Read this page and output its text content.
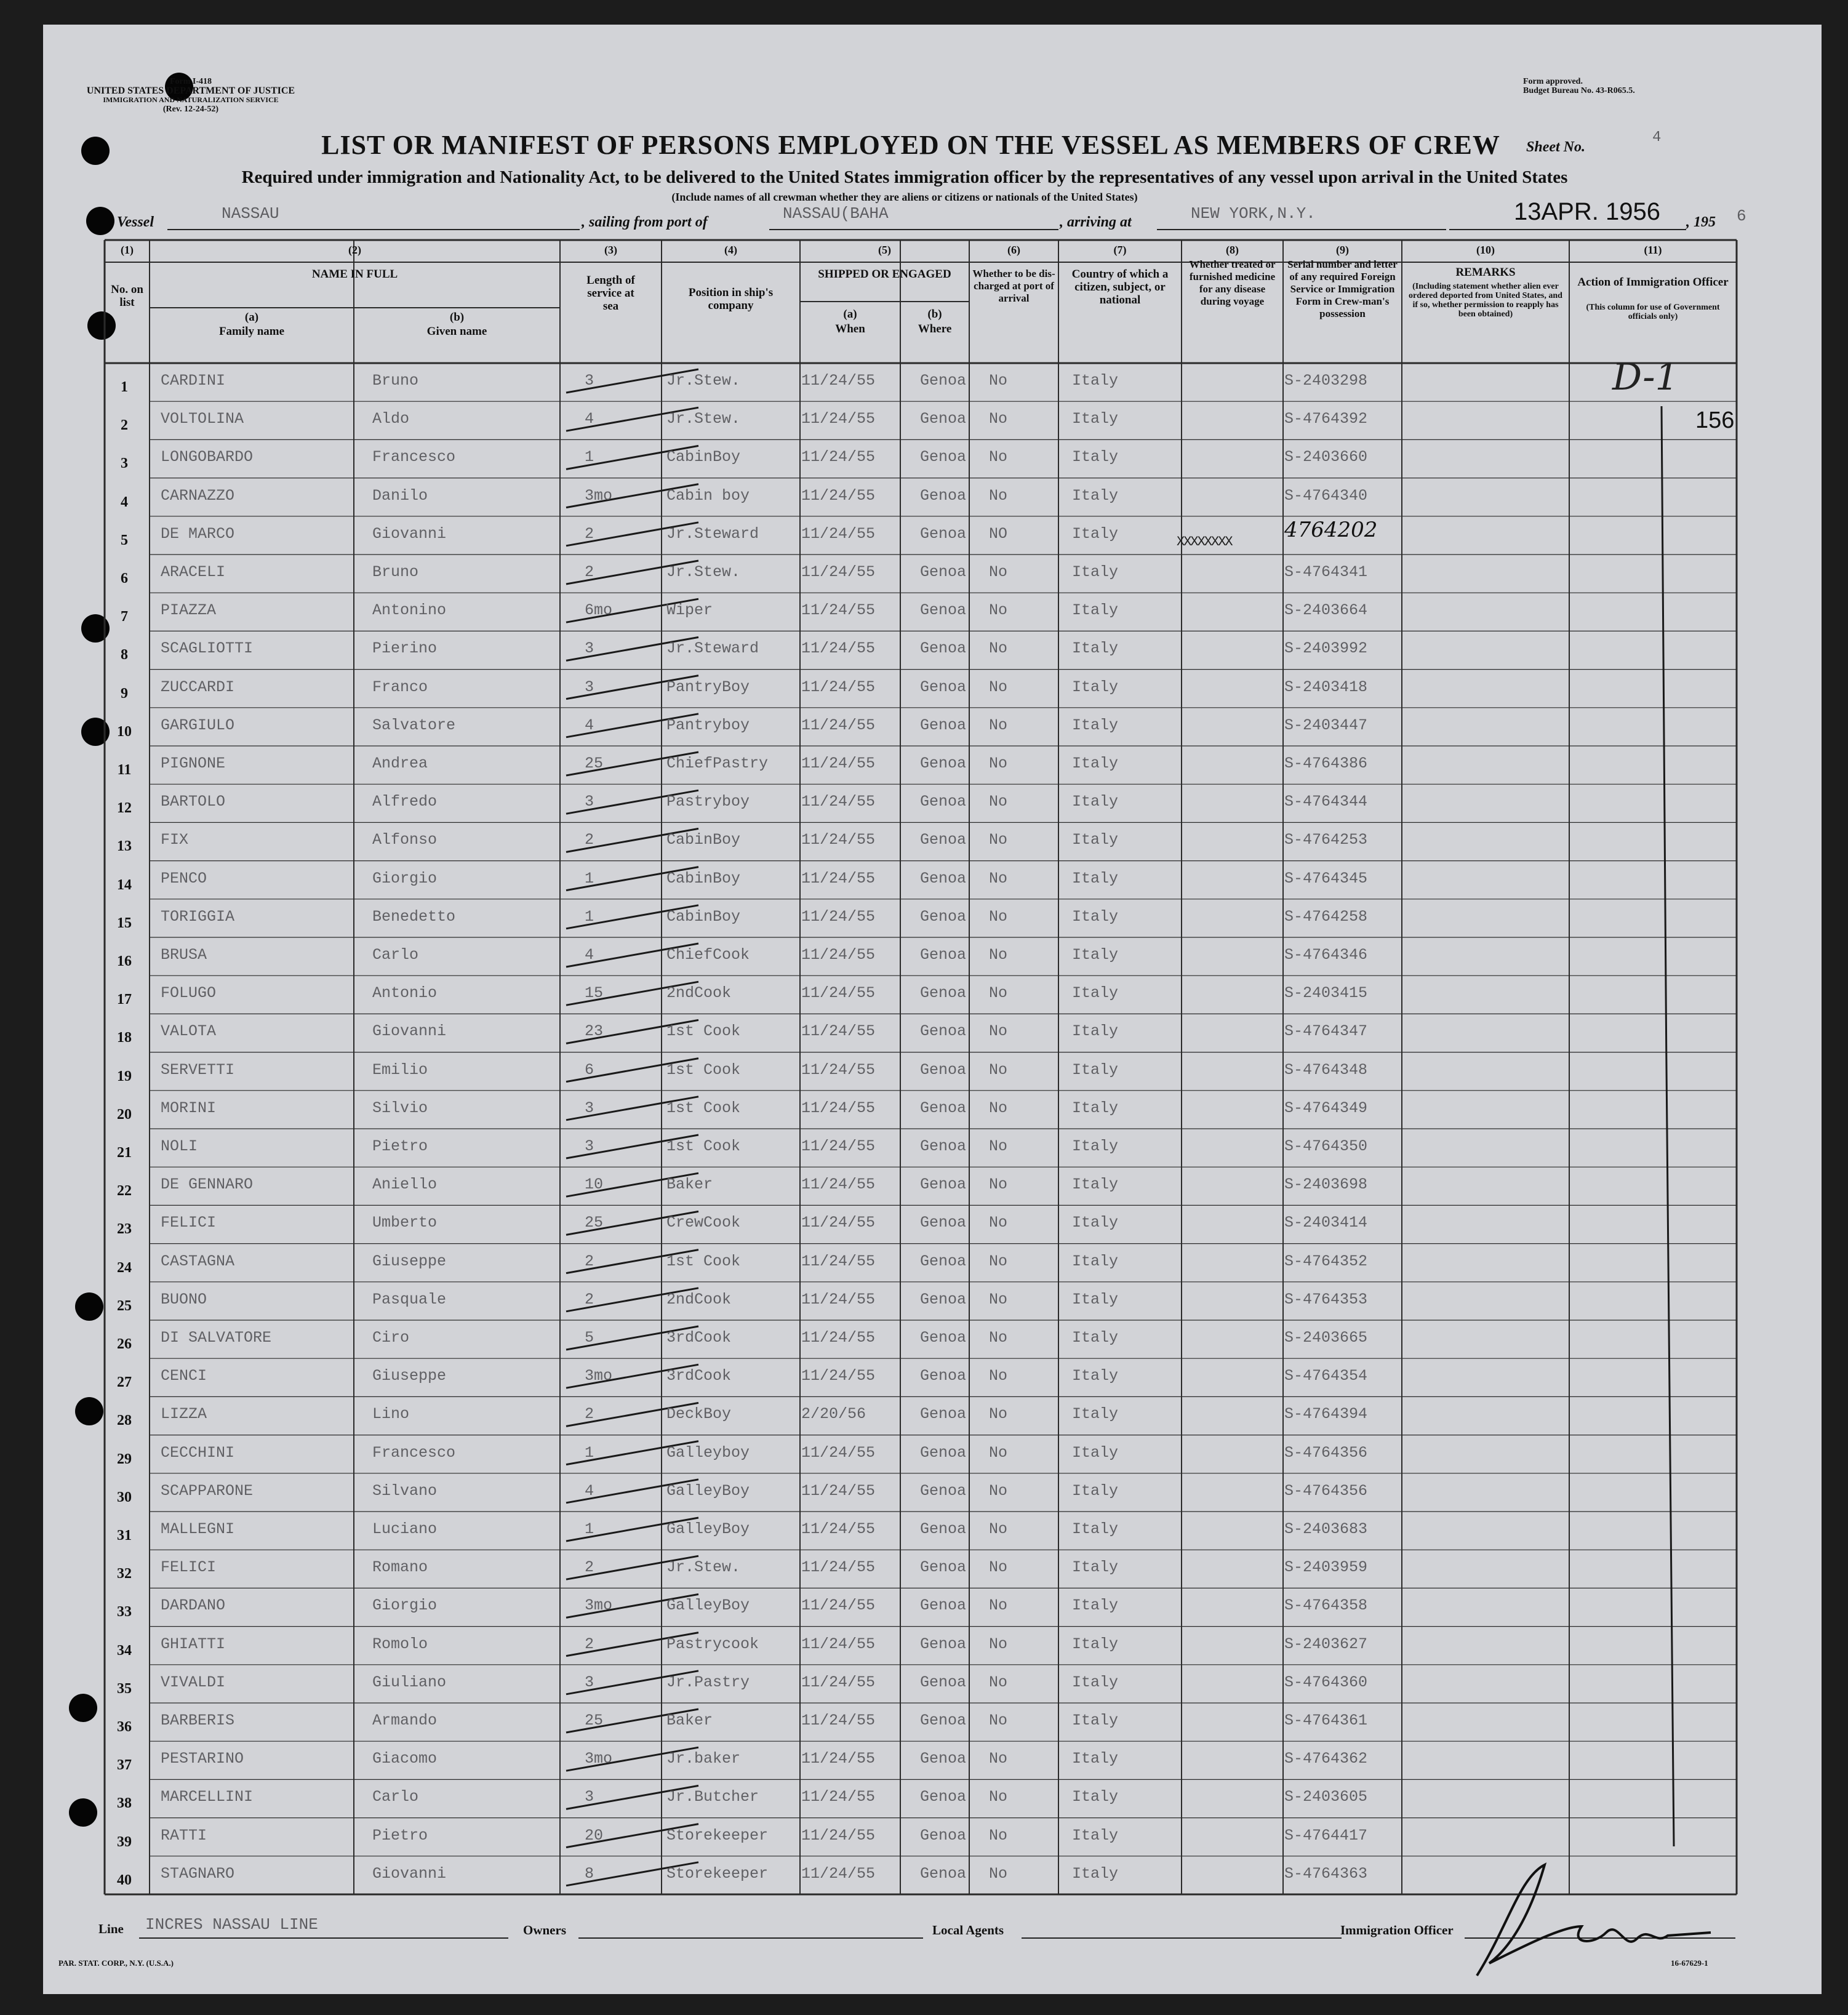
Form I-418
UNITED STATES DEPARTMENT OF JUSTICE
IMMIGRATION AND NATURALIZATION SERVICE
(Rev. 12-24-52)
Form approved.
Budget Bureau No. 43-R065.5.
LIST OR MANIFEST OF PERSONS EMPLOYED ON THE VESSEL AS MEMBERS OF CREW	Sheet No.
4
Required under immigration and Nationality Act, to be delivered to the United States immigration officer by the representatives of any vessel upon arrival in the United States
(Include names of all crewman whether they are aliens or citizens or nationals of the United States)
Vessel	NASSAU	, sailing from port of	NASSAU(BAHA	, arriving at	NEW YORK,N.Y.	13APR. 1956 , 195 6
(1)	(2)	(3)	(4)	(5)	(6)	(7)	(8)	(9)	(10)	(11)
No. on list
NAME IN FULL
(a)
Family name
(b)
Given name
Length of service at sea
Position in ship's company
SHIPPED OR ENGAGED
(a)
When
(b)
Where
Whether to be dis-charged at port of arrival
Country of which a citizen, subject, or national
Whether treated or furnished medicine for any disease during voyage
Serial number and letter of any required Foreign Service or Immigration Form in Crew-man's possession
REMARKS
(Including statement whether alien ever ordered deported from United States, and if so, whether permission to reapply has been obtained)
Action of Immigration Officer
(This column for use of Government officials only)
1	CARDINI	Bruno	3	Jr.Stew.	11/24/55	Genoa No	Italy	S-2403298
2	VOLTOLINA	Aldo	4	Jr.Stew.	11/24/55	Genoa No	Italy	S-4764392
3	LONGOBARDO	Francesco	1	CabinBoy	11/24/55	Genoa No	Italy	S-2403660
4	CARNAZZO	Danilo	3mo	Cabin boy	11/24/55	Genoa No	Italy	S-4764340
5	DE MARCO	Giovanni	2	Jr.Steward	11/24/55	Genoa NO	Italy	4764202
6	ARACELI	Bruno	2	Jr.Stew.	11/24/55	Genoa No	Italy	S-4764341
7	PIAZZA	Antonino	6mo	Wiper	11/24/55	Genoa No	Italy	S-2403664
8	SCAGLIOTTI	Pierino	3	Jr.Steward	11/24/55	Genoa No	Italy	S-2403992
9	ZUCCARDI	Franco	3	PantryBoy	11/24/55	Genoa No	Italy	S-2403418
10	GARGIULO	Salvatore	4	Pantryboy	11/24/55	Genoa No	Italy	S-2403447
11	PIGNONE	Andrea	25	ChiefPastry 11/24/55	Genoa No	Italy	S-4764386
12	BARTOLO	Alfredo	3	Pastryboy	11/24/55	Genoa No	Italy	S-4764344
13	FIX	Alfonso	2	CabinBoy	11/24/55	Genoa No	Italy	S-4764253
14	PENCO	Giorgio	1	CabinBoy	11/24/55	Genoa No	Italy	S-4764345
15	TORIGGIA	Benedetto	1	CabinBoy	11/24/55	Genoa No	Italy	S-4764258
16	BRUSA	Carlo	4	ChiefCook	11/24/55	Genoa No	Italy	S-4764346
17	FOLUGO	Antonio	15	2ndCook	11/24/55	Genoa No	Italy	S-2403415
18	VALOTA	Giovanni	23	1st Cook	11/24/55	Genoa No	Italy	S-4764347
19	SERVETTI	Emilio	6	1st Cook	11/24/55	Genoa No	Italy	S-4764348
20	MORINI	Silvio	3	1st Cook	11/24/55	Genoa No	Italy	S-4764349
21	NOLI	Pietro	3	1st Cook	11/24/55	Genoa No	Italy	S-4764350
22	DE GENNARO	Aniello	10	Baker	11/24/55	Genoa No	Italy	S-2403698
23	FELICI	Umberto	25	CrewCook	11/24/55	Genoa No	Italy	S-2403414
24	CASTAGNA	Giuseppe	2	1st Cook	11/24/55	Genoa No	Italy	S-4764352
25	BUONO	Pasquale	2	2ndCook	11/24/55	Genoa No	Italy	S-4764353
26	DI SALVATORE	Ciro	5	3rdCook	11/24/55	Genoa No	Italy	S-2403665
27	CENCI	Giuseppe	3mo	3rdCook	11/24/55	Genoa No	Italy	S-4764354
28	LIZZA	Lino	2	DeckBoy	2/20/56	Genoa No	Italy	S-4764394
29	CECCHINI	Francesco	1	Galleyboy	11/24/55	Genoa No	Italy	S-4764356
30	SCAPPARONE	Silvano	4	GalleyBoy	11/24/55	Genoa No	Italy	S-4764356
31	MALLEGNI	Luciano	1	GalleyBoy	11/24/55	Genoa No	Italy	S-2403683
32	FELICI	Romano	2	Jr.Stew.	11/24/55	Genoa No	Italy	S-2403959
33	DARDANO	Giorgio	3mo	GalleyBoy	11/24/55	Genoa No	Italy	S-4764358
34	GHIATTI	Romolo	2	Pastrycook	11/24/55	Genoa No	Italy	S-2403627
35	VIVALDI	Giuliano	3	Jr.Pastry	11/24/55	Genoa No	Italy	S-4764360
36	BARBERIS	Armando	25	Baker	11/24/55	Genoa No	Italy	S-4764361
37	PESTARINO	Giacomo	3mo	Jr.baker	11/24/55	Genoa No	Italy	S-4764362
38	MARCELLINI	Carlo	3	Jr.Butcher	11/24/55	Genoa No	Italy	S-2403605
39	RATTI	Pietro	20	Storekeeper 11/24/55	Genoa No	Italy	S-4764417
40	STAGNARO	Giovanni	8	Storekeeper 11/24/55	Genoa No	Italy	S-4764363
D-1
156
XXXXXXXX
Line INCRES NASSAU LINE	Owners	Local Agents	Immigration Officer
PAR. STAT. CORP., N.Y. (U.S.A.)	16-67629-1
